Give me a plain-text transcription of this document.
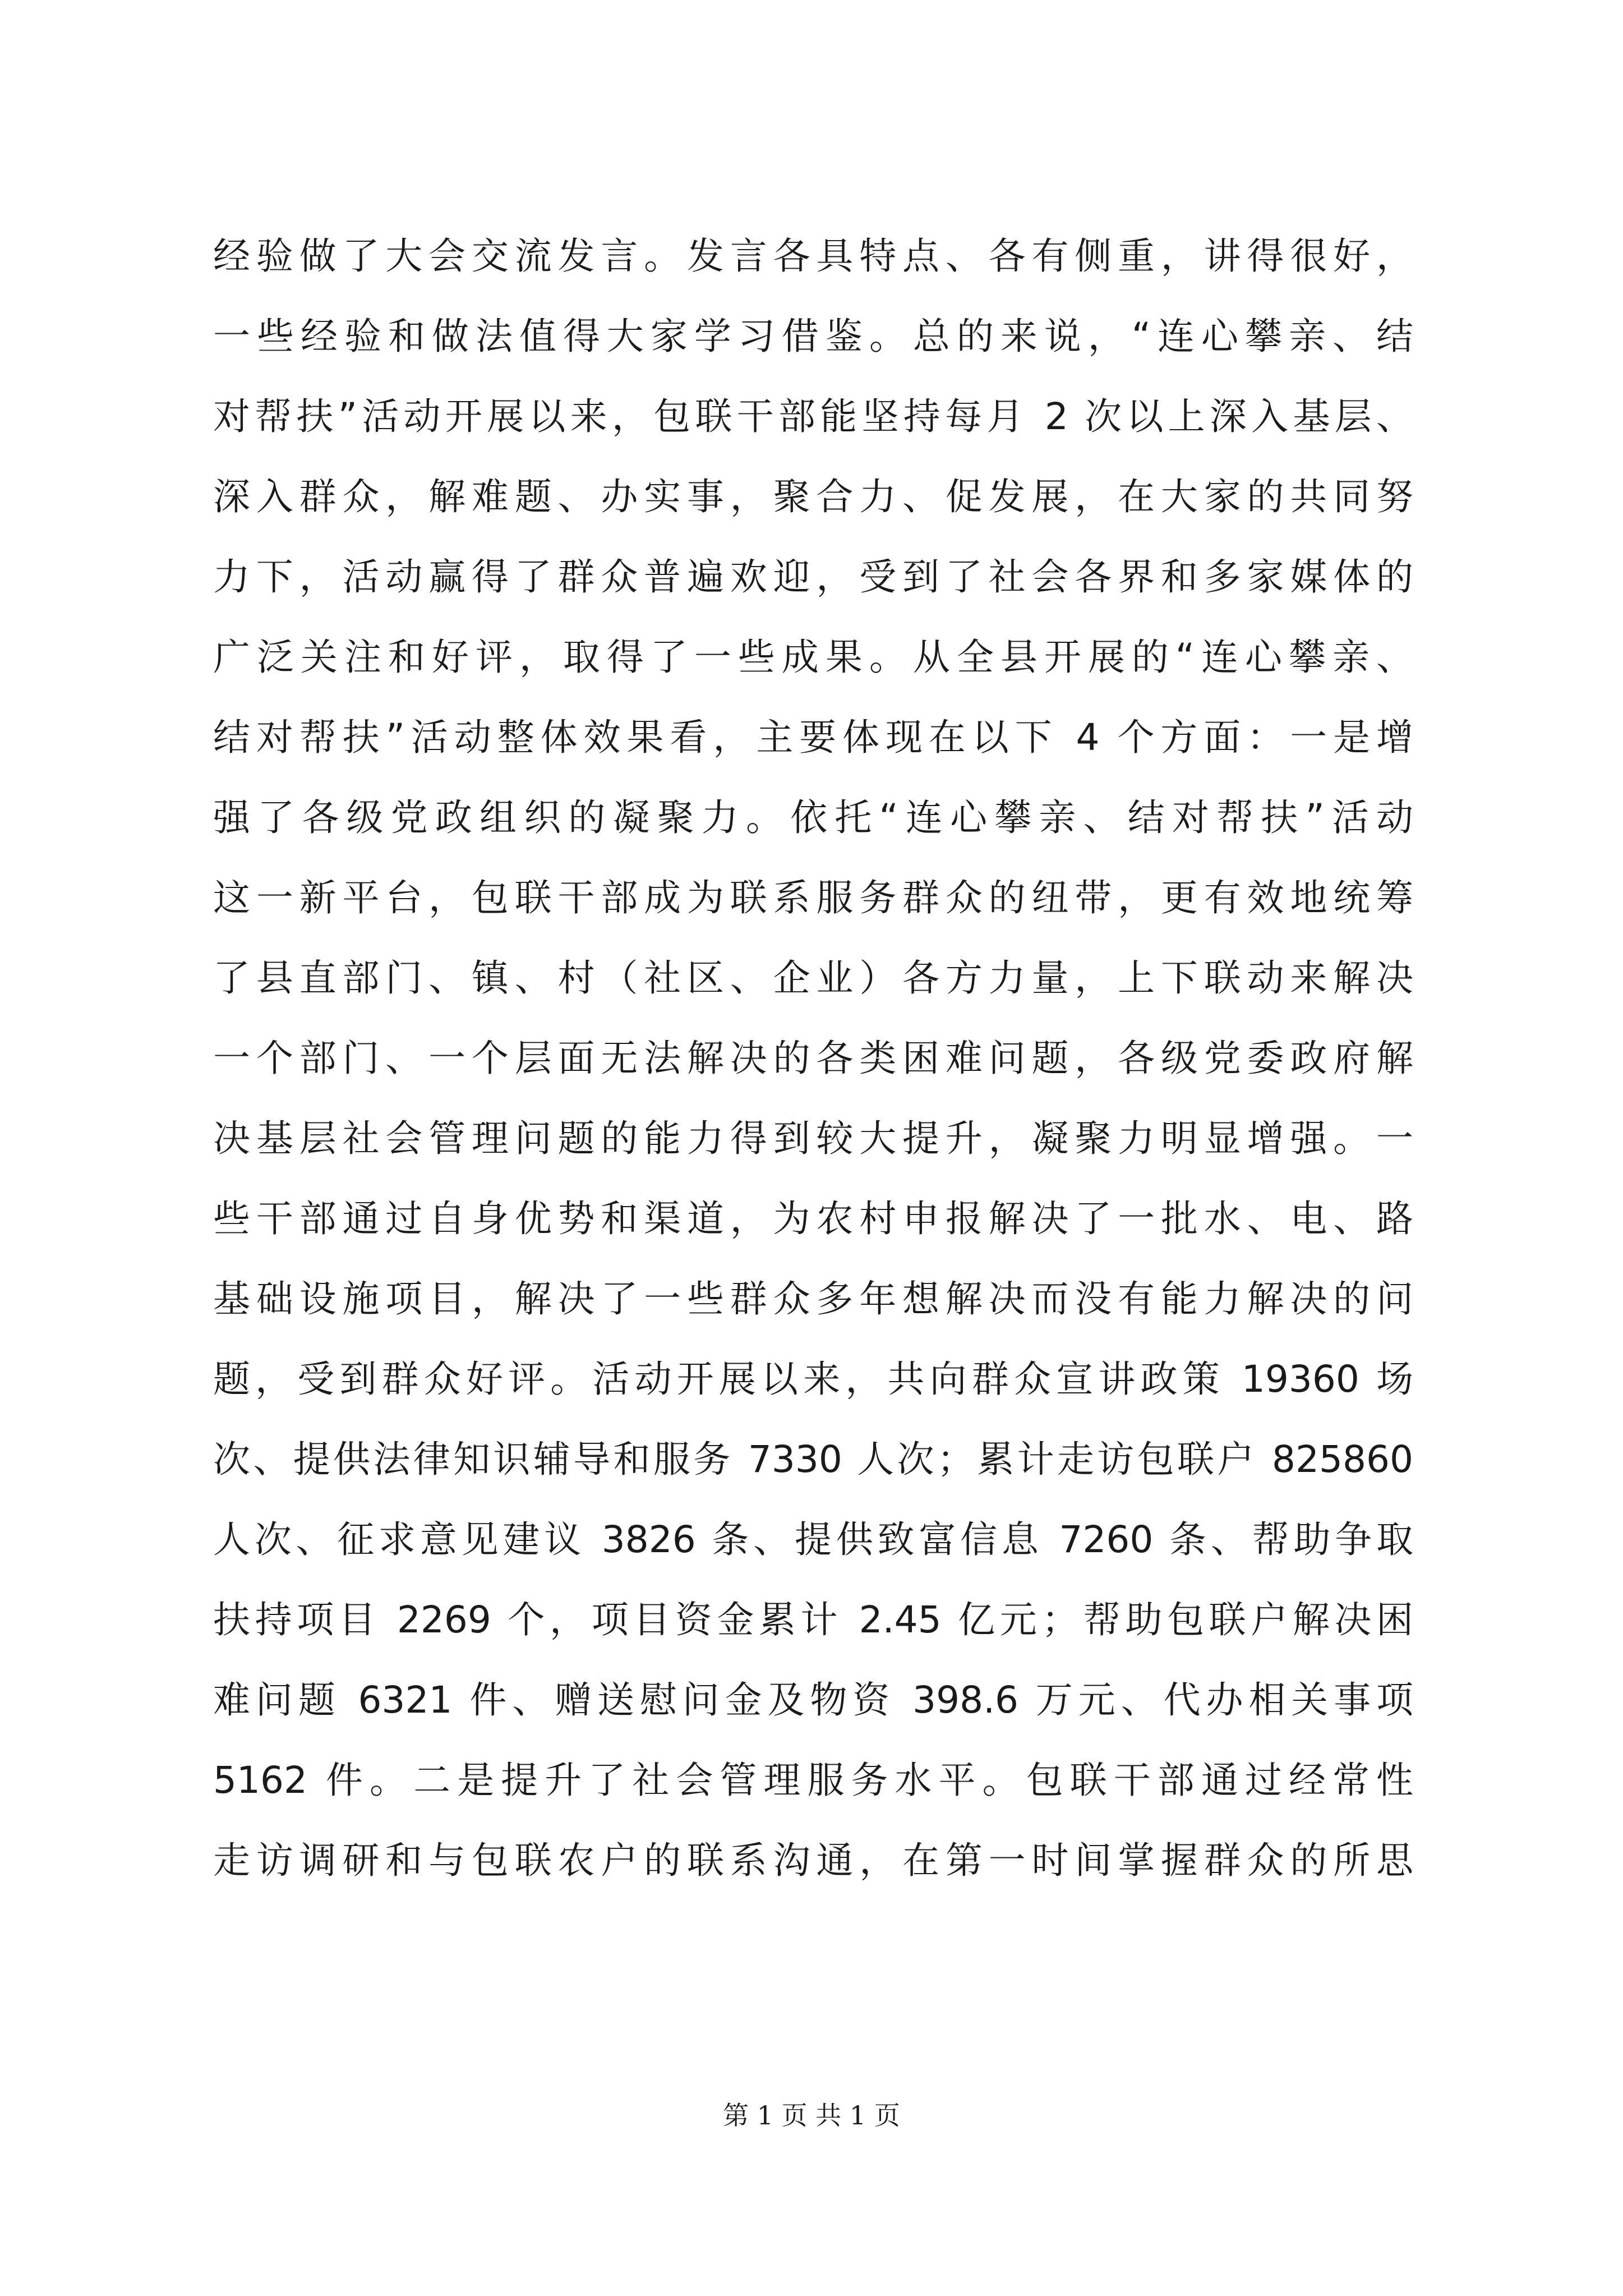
经验做了大会交流发言。发言各具特点、各有侧重，讲得很好，
一些经验和做法值得大家学习借鉴。总的来说，“连心攀亲、结
对帮扶”活动开展以来，包联干部能坚持每月 2 次以上深入基层、
深入群众，解难题、办实事，聚合力、促发展，在大家的共同努
力下，活动赢得了群众普遍欢迎，受到了社会各界和多家媒体的
广泛关注和好评，取得了一些成果。从全县开展的“连心攀亲、
结对帮扶”活动整体效果看，主要体现在以下 4 个方面：一是增
强了各级党政组织的凝聚力。依托“连心攀亲、结对帮扶”活动
这一新平台，包联干部成为联系服务群众的纽带，更有效地统筹
了县直部门、镇、村（社区、企业）各方力量，上下联动来解决
一个部门、一个层面无法解决的各类困难问题，各级党委政府解
决基层社会管理问题的能力得到较大提升，凝聚力明显增强。一
些干部通过自身优势和渠道，为农村申报解决了一批水、电、路
基础设施项目，解决了一些群众多年想解决而没有能力解决的问
题，受到群众好评。活动开展以来，共向群众宣讲政策 19360 场
次、提供法律知识辅导和服务 7330 人次；累计走访包联户 825860
人次、征求意见建议 3826 条、提供致富信息 7260 条、帮助争取
扶持项目 2269 个，项目资金累计 2.45 亿元；帮助包联户解决困
难问题 6321 件、赠送慰问金及物资 398.6 万元、代办相关事项
5162 件。二是提升了社会管理服务水平。包联干部通过经常性
走访调研和与包联农户的联系沟通，在第一时间掌握群众的所思
第 1 页 共 1 页
